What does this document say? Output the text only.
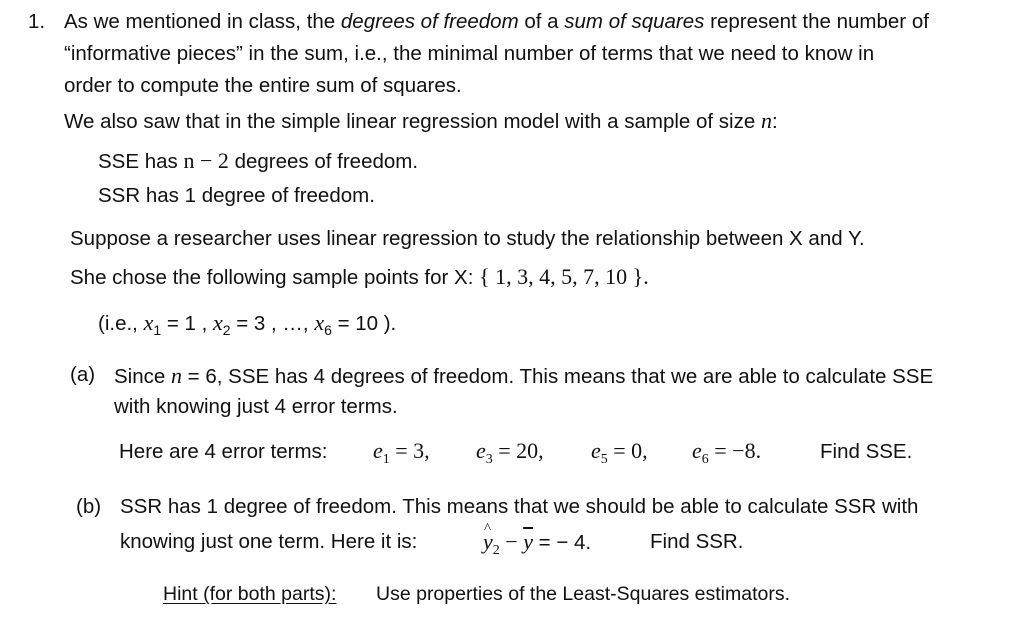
1. As we mentioned in class, the degrees of freedom of a sum of squares represent the number of
“informative pieces” in the sum, i.e., the minimal number of terms that we need to know in
order to compute the entire sum of squares.
We also saw that in the simple linear regression model with a sample of size n:
SSE has n − 2 degrees of freedom.
SSR has 1 degree of freedom.
Suppose a researcher uses linear regression to study the relationship between X and Y.
She chose the following sample points for X: { 1, 3, 4, 5, 7, 10 }.
(i.e., $x_1 = 1$ , $x_2 = 3$ , …, $x_6 = 10$ ).
(a) Since n = 6, SSE has 4 degrees of freedom. This means that we are able to calculate SSE
with knowing just 4 error terms.
Here are 4 error terms: $e_1 = 3$, $e_3 = 20$, $e_5 = 0$, $e_6 = -8$.	Find SSE.
(b) SSR has 1 degree of freedom. This means that we should be able to calculate SSR with
knowing just one term. Here it is:	^ $y_2 - \overline{y}$ = − 4.	Find SSR.
Hint (for both parts): Use properties of the Least-Squares estimators.
